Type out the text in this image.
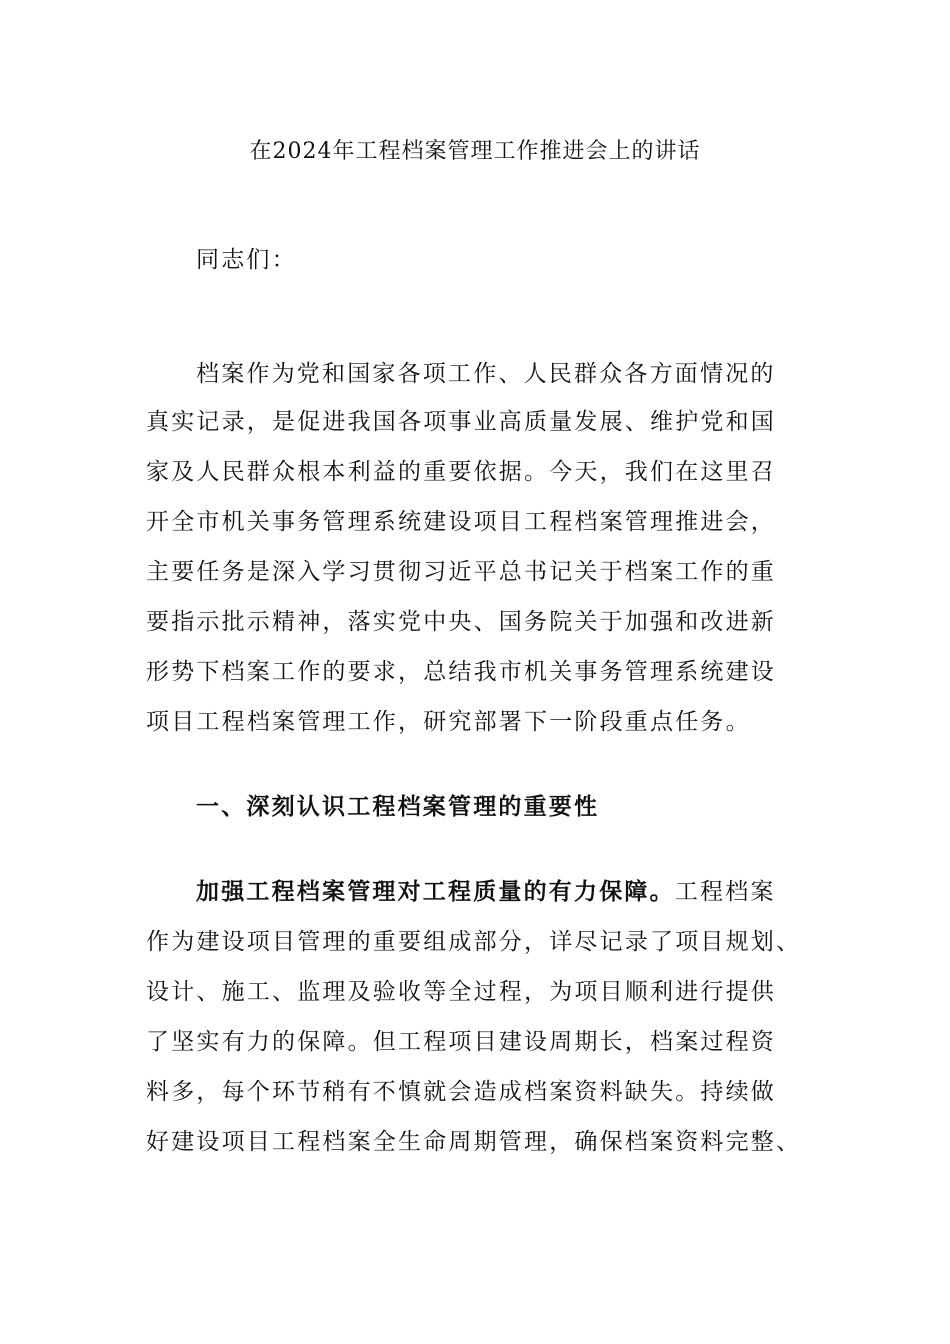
在2024年工程档案管理工作推进会上的讲话
同志们：
档案作为党和国家各项工作、人民群众各方面情况的
真实记录，是促进我国各项事业高质量发展、维护党和国
家及人民群众根本利益的重要依据。今天，我们在这里召
开全市机关事务管理系统建设项目工程档案管理推进会，
主要任务是深入学习贯彻习近平总书记关于档案工作的重
要指示批示精神，落实党中央、国务院关于加强和改进新
形势下档案工作的要求，总结我市机关事务管理系统建设
项目工程档案管理工作，研究部署下一阶段重点任务。
一、深刻认识工程档案管理的重要性
加强工程档案管理对工程质量的有力保障。工程档案
作为建设项目管理的重要组成部分，详尽记录了项目规划、
设计、施工、监理及验收等全过程，为项目顺利进行提供
了坚实有力的保障。但工程项目建设周期长，档案过程资
料多，每个环节稍有不慎就会造成档案资料缺失。持续做
好建设项目工程档案全生命周期管理，确保档案资料完整、
